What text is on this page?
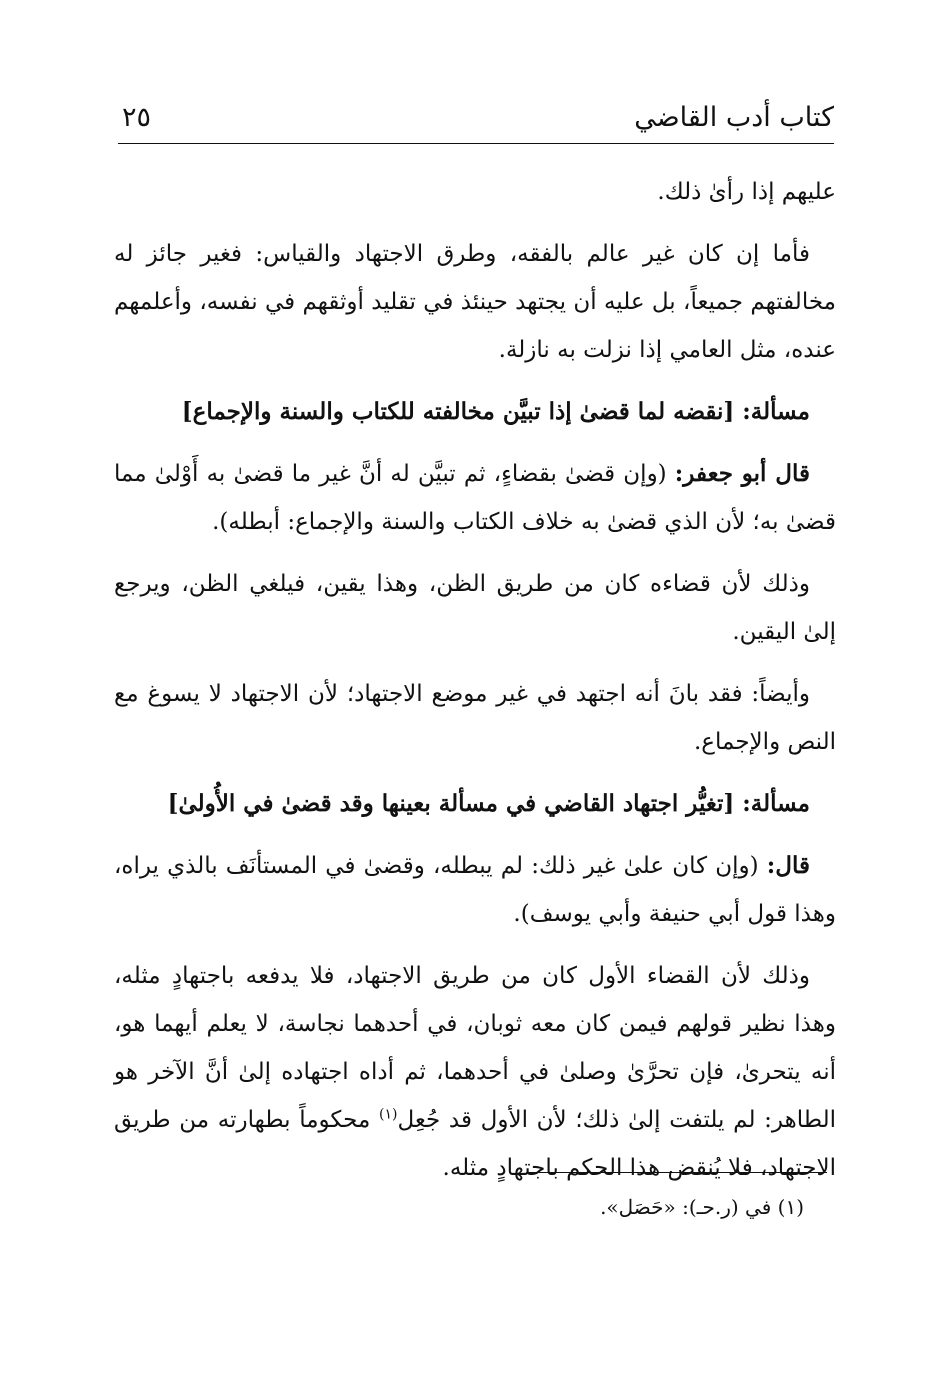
كتاب أدب القاضي
٢٥

عليهم إذا رأىٰ ذلك.

فأما إن كان غير عالم بالفقه، وطرق الاجتهاد والقياس: فغير جائز له مخالفتهم جميعاً، بل عليه أن يجتهد حينئذ في تقليد أوثقهم في نفسه، وأعلمهم عنده، مثل العامي إذا نزلت به نازلة.

مسألة: [نقضه لما قضىٰ إذا تبيَّن مخالفته للكتاب والسنة والإجماع]

قال أبو جعفر: (وإن قضىٰ بقضاءٍ، ثم تبيَّن له أنَّ غير ما قضىٰ به أَوْلىٰ مما قضىٰ به؛ لأن الذي قضىٰ به خلاف الكتاب والسنة والإجماع: أبطله).

وذلك لأن قضاءه كان من طريق الظن، وهذا يقين، فيلغي الظن، ويرجع إلىٰ اليقين.

وأيضاً: فقد بانَ أنه اجتهد في غير موضع الاجتهاد؛ لأن الاجتهاد لا يسوغ مع النص والإجماع.

مسألة: [تغيُّر اجتهاد القاضي في مسألة بعينها وقد قضىٰ في الأُولىٰ]

قال: (وإن كان علىٰ غير ذلك: لم يبطله، وقضىٰ في المستأنَف بالذي يراه، وهذا قول أبي حنيفة وأبي يوسف).

وذلك لأن القضاء الأول كان من طريق الاجتهاد، فلا يدفعه باجتهادٍ مثله، وهذا نظير قولهم فيمن كان معه ثوبان، في أحدهما نجاسة، لا يعلم أيهما هو، أنه يتحرىٰ، فإن تحرَّىٰ وصلىٰ في أحدهما، ثم أداه اجتهاده إلىٰ أنَّ الآخر هو الطاهر: لم يلتفت إلىٰ ذلك؛ لأن الأول قد جُعِل$^{(١)}$ محكوماً بطهارته من طريق الاجتهاد، فلا يُنقض هذا الحكم باجتهادٍ مثله.

(١) في (ر.حـ): «حَصَل».
